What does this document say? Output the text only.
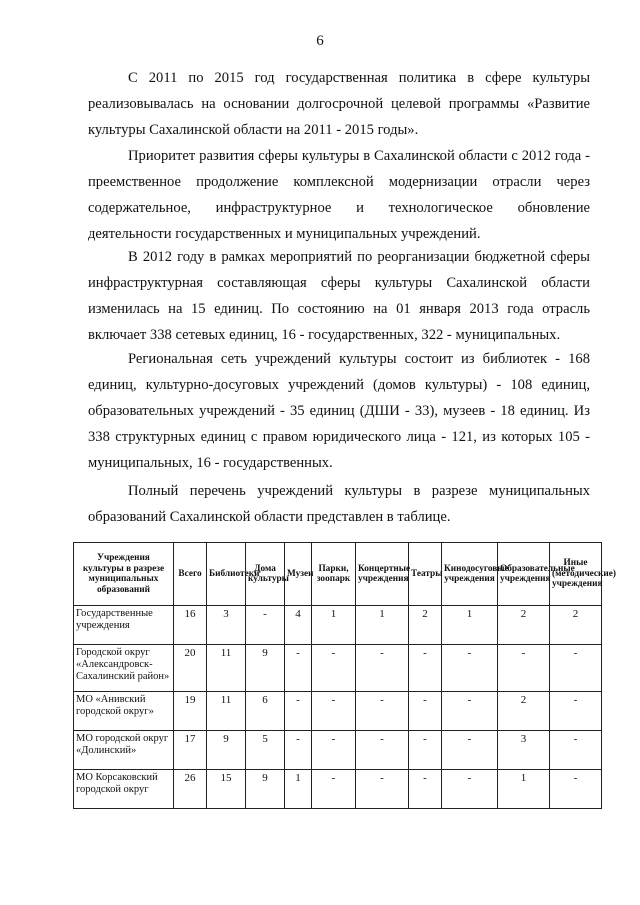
6

С 2011 по 2015 год государственная политика в сфере культуры реализовывалась на основании долгосрочной целевой программы «Развитие культуры Сахалинской области на 2011 - 2015 годы».

Приоритет развития сферы культуры в Сахалинской области с 2012 года - преемственное продолжение комплексной модернизации отрасли через содержательное, инфраструктурное и технологическое обновление деятельности государственных и муниципальных учреждений.

В 2012 году в рамках мероприятий по реорганизации бюджетной сферы инфраструктурная составляющая сферы культуры Сахалинской области изменилась на 15 единиц. По состоянию на 01 января 2013 года отрасль включает 338 сетевых единиц, 16 - государственных, 322 - муниципальных.

Региональная сеть учреждений культуры состоит из библиотек - 168 единиц, культурно-досуговых учреждений (домов культуры) - 108 единиц, образовательных учреждений - 35 единиц (ДШИ - 33), музеев - 18 единиц. Из 338 структурных единиц с правом юридического лица - 121, из которых 105 - муниципальных, 16 - государственных.

Полный перечень учреждений культуры в разрезе муниципальных образований Сахалинской области представлен в таблице.

Учреждения культуры в разрезе муниципальных образований	Всего	Библиотеки	Дома культуры	Музеи	Парки, зоопарк	Концертные учреждения	Театры	Кинодосуговые учреждения	Образовательные учреждения	Иные (методические) учреждения
Государственные учреждения	16	3	-	4	1	1	2	1	2	2
Городской округ «Александровск-Сахалинский район»	20	11	9	-	-	-	-	-	-	-
МО «Анивский городской округ»	19	11	6	-	-	-	-	-	2	-
МО городской округ «Долинский»	17	9	5	-	-	-	-	-	3	-
МО Корсаковский городской округ	26	15	9	1	-	-	-	-	1	-
